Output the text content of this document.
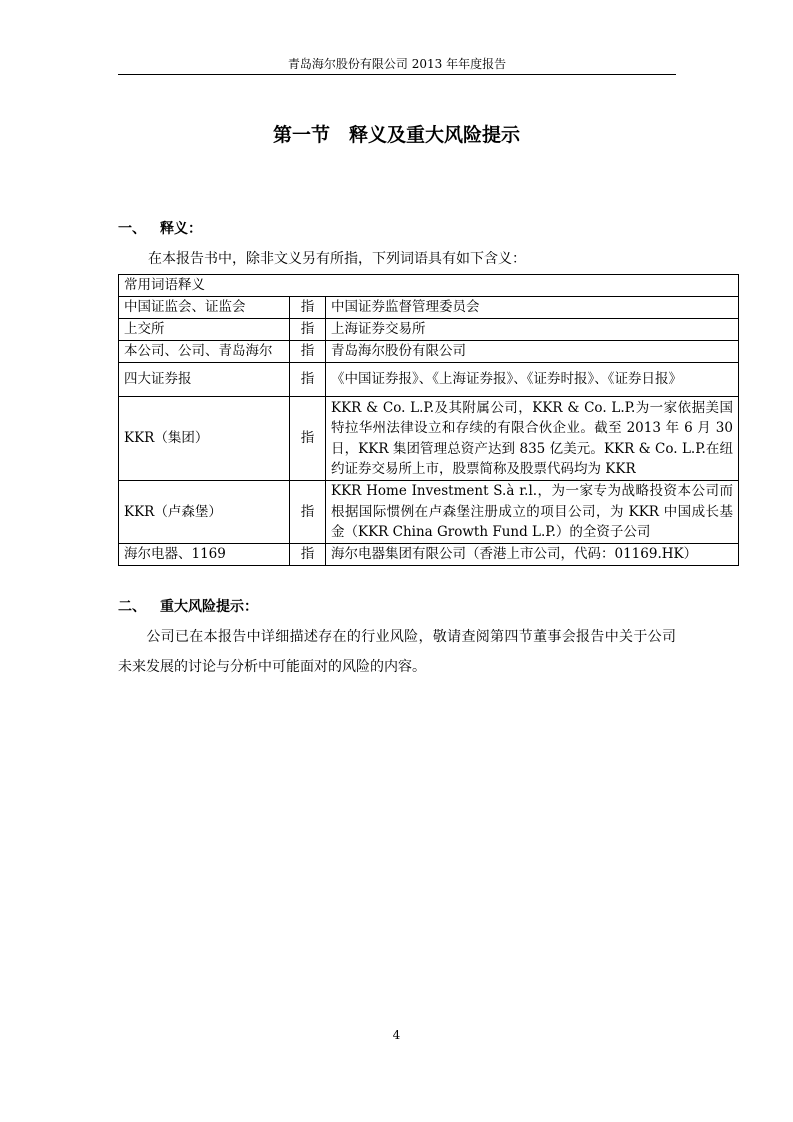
青岛海尔股份有限公司 2013 年年度报告
第一节　释义及重大风险提示
一、 释义：
在本报告书中，除非文义另有所指，下列词语具有如下含义：
常用词语释义		
中国证监会、证监会	指	中国证券监督管理委员会
上交所	指	上海证券交易所
本公司、公司、青岛海尔	指	青岛海尔股份有限公司
四大证券报	指	《中国证券报》、《上海证券报》、《证券时报》、《证券日报》
KKR（集团）	指	KKR & Co. L.P.及其附属公司，KKR & Co. L.P.为一家依据美国特拉华州法律设立和存续的有限合伙企业。截至 2013 年 6 月 30 日，KKR 集团管理总资产达到 835 亿美元。KKR & Co. L.P.在纽约证券交易所上市，股票简称及股票代码均为 KKR
KKR（卢森堡）	指	KKR Home Investment S.à r.l.，为一家专为战略投资本公司而根据国际惯例在卢森堡注册成立的项目公司，为 KKR 中国成长基金（KKR China Growth Fund L.P.）的全资子公司
海尔电器、1169	指	海尔电器集团有限公司（香港上市公司，代码：01169.HK）
二、 重大风险提示：
公司已在本报告中详细描述存在的行业风险，敬请查阅第四节董事会报告中关于公司未来发展的讨论与分析中可能面对的风险的内容。
4
